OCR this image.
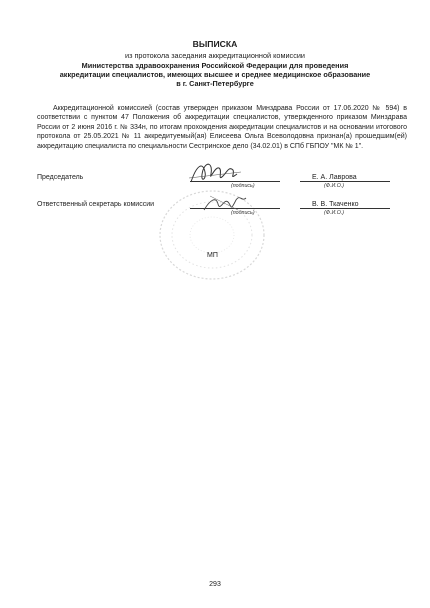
ВЫПИСКА
из протокола заседания аккредитационной комиссии
Министерства здравоохранения Российской Федерации для проведения
аккредитации специалистов, имеющих высшее и среднее медицинское образование
в г. Санкт-Петербурге
Аккредитационной комиссией (состав утвержден приказом Минздрава России от 17.06.2020 № 594) в соответствии с пунктом 47 Положения об аккредитации специалистов, утвержденного приказом Минздрава России от 2 июня 2016 г. № 334н, по итогам прохождения аккредитации специалистов и на основании итогового протокола от 25.05.2021 № 11 аккредитуемый(ая) Елисеева Ольга Всеволодовна признан(а) прошедшим(ей) аккредитацию специалиста по специальности Сестринское дело (34.02.01) в СПб ГБПОУ "МК № 1".
Председатель
(подпись)
Е. А. Лаврова
(Ф.И.О.)
Ответственный секретарь комиссии
(подпись)
В. В. Ткаченко
(Ф.И.О.)
МП
293
